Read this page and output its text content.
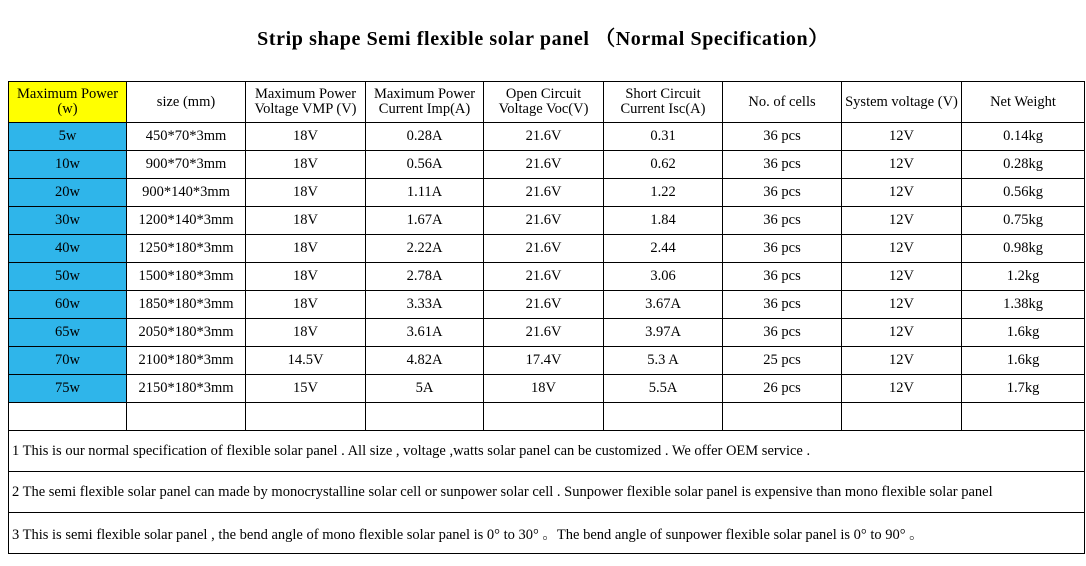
Strip shape Semi flexible solar panel （Normal Specification）
Maximum Power (w)	size (mm)	Maximum Power Voltage VMP (V)	Maximum Power Current Imp(A)	Open Circuit Voltage Voc(V)	Short Circuit Current Isc(A)	No. of cells	System voltage (V)	Net Weight
5w	450*70*3mm	18V	0.28A	21.6V	0.31	36 pcs	12V	0.14kg
10w	900*70*3mm	18V	0.56A	21.6V	0.62	36 pcs	12V	0.28kg
20w	900*140*3mm	18V	1.11A	21.6V	1.22	36 pcs	12V	0.56kg
30w	1200*140*3mm	18V	1.67A	21.6V	1.84	36 pcs	12V	0.75kg
40w	1250*180*3mm	18V	2.22A	21.6V	2.44	36 pcs	12V	0.98kg
50w	1500*180*3mm	18V	2.78A	21.6V	3.06	36 pcs	12V	1.2kg
60w	1850*180*3mm	18V	3.33A	21.6V	3.67A	36 pcs	12V	1.38kg
65w	2050*180*3mm	18V	3.61A	21.6V	3.97A	36 pcs	12V	1.6kg
70w	2100*180*3mm	14.5V	4.82A	17.4V	5.3 A	25 pcs	12V	1.6kg
75w	2150*180*3mm	15V	5A	18V	5.5A	26 pcs	12V	1.7kg

1 This is our normal specification of flexible solar panel . All size , voltage ,watts solar panel can be customized . We offer OEM service .								
2 The semi flexible solar panel can made by monocrystalline solar cell or sunpower solar cell . Sunpower flexible solar panel is expensive than mono flexible solar panel								
3 This is semi flexible solar panel , the bend angle of mono flexible solar panel is 0° to 30° 。The bend angle of sunpower flexible solar panel is 0° to 90° 。								
